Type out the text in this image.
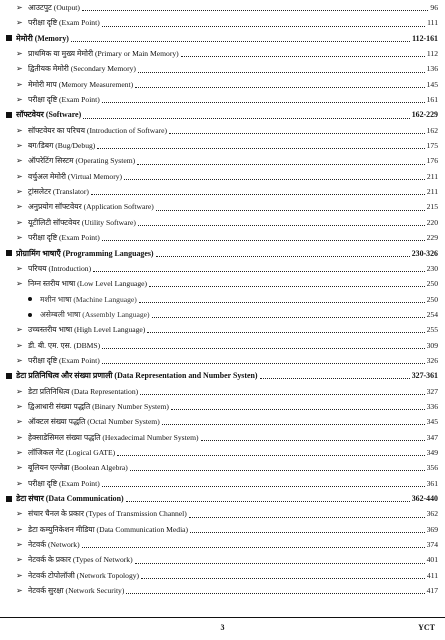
➢ आउटपुट (Output)	96
➢ परीक्षा दृष्टि (Exam Point)	111
मेमोरी (Memory)	112-161
➢ प्राथमिक या मुख्य मेमोरी (Primary or Main Memory)	112
➢ द्वितीयक मेमोरी (Secondary Memory)	136
➢ मेमोरी माप (Memory Measurement)	145
➢ परीक्षा दृष्टि (Exam Point)	161
सॉफ्टवेयर (Software)	162-229
➢ सॉफ्टवेयर का परिचय (Introduction of Software)	162
➢ बग/डिबग (Bug/Debug)	175
➢ ऑपरेटिंग सिस्टम (Operating System)	176
➢ वर्चुअल मेमोरी (Virtual Memory)	211
➢ ट्रांसलेटर (Translator)	211
➢ अनुप्रयोग सॉफ्टवेयर (Application Software)	215
➢ यूटीलिटी सॉफ्टवेयर (Utility Software)	220
➢ परीक्षा दृष्टि (Exam Point)	229
प्रोग्रामिंग भाषाएँ (Programming Languages)	230-326
➢ परिचय (Introduction)	230
➢ निम्न स्तरीय भाषा (Low Level Language)	250
मशीन भाषा (Machine Language)	250
असेम्बली भाषा (Assembly Language)	254
➢ उच्चस्तरीय भाषा (High Level Language)	255
➢ डी. बी. एम. एस. (DBMS)	309
➢ परीक्षा दृष्टि (Exam Point)	326
डेटा प्रतिनिधित्व और संख्या प्रणाली (Data Representation and Number Systen)	327-361
➢ डेटा प्रतिनिधित्व (Data Representation)	327
➢ द्विआधारी संख्या पद्धति (Binary Number System)	336
➢ ऑक्टल संख्या पद्धति (Octal Number System)	345
➢ हेक्साडेसिमल संख्या पद्धति (Hexadecimal Number System)	347
➢ लॉजिकल गेट (Logical GATE)	349
➢ बूलियन एल्जेब्रा (Boolean Algebra)	356
➢ परीक्षा दृष्टि (Exam Point)	361
डेटा संचार (Data Communication)	362-440
➢ संचार चैनल के प्रकार (Types of Transmission Channel)	362
➢ डेटा कम्युनिकेशन मीडिया (Data Communication Media)	369
➢ नेटवर्क (Network)	374
➢ नेटवर्क के प्रकार (Types of Network)	401
➢ नेटवर्क टोपोलॉजी (Network Topology)	411
➢ नेटवर्क सुरक्षा (Network Security)	417
3	YCT
